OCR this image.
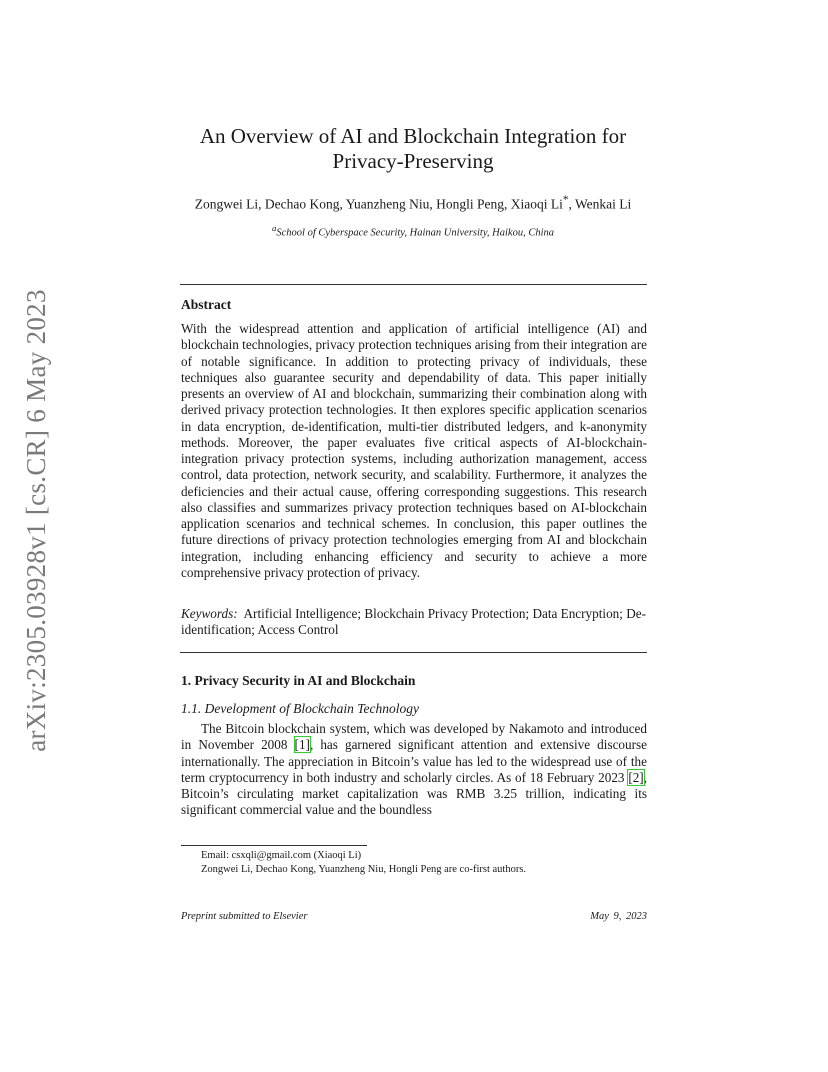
arXiv:2305.03928v1 [cs.CR] 6 May 2023
An Overview of AI and Blockchain Integration for
Privacy-Preserving
Zongwei Li, Dechao Kong, Yuanzheng Niu, Hongli Peng, Xiaoqi Li*, Wenkai Li
$^a$School of Cyberspace Security, Hainan University, Haikou, China
Abstract

With the widespread attention and application of artificial intelligence (AI) and blockchain technologies, privacy protection techniques arising from their integration are of notable significance. In addition to protecting privacy of individuals, these techniques also guarantee security and dependability of data. This paper initially presents an overview of AI and blockchain, summarizing their combination along with derived privacy protection technologies. It then explores specific application scenarios in data encryption, de-identification, multi-tier distributed ledgers, and k-anonymity methods. Moreover, the paper evaluates five critical aspects of AI-blockchain-integration privacy protection systems, including authorization management, access control, data protection, network security, and scalability. Furthermore, it analyzes the deficiencies and their actual cause, offering corresponding suggestions. This research also classifies and summarizes privacy protection techniques based on AI-blockchain application scenarios and technical schemes. In conclusion, this paper outlines the future directions of privacy protection technologies emerging from AI and blockchain integration, including enhancing efficiency and security to achieve a more comprehensive privacy protection of privacy.

Keywords: Artificial Intelligence; Blockchain Privacy Protection; Data Encryption; De-identification; Access Control

1. Privacy Security in AI and Blockchain
1.1. Development of Blockchain Technology

The Bitcoin blockchain system, which was developed by Nakamoto and introduced in November 2008 [1], has garnered significant attention and extensive discourse internationally. The appreciation in Bitcoin’s value has led to the widespread use of the term cryptocurrency in both industry and scholarly circles. As of 18 February 2023 [2], Bitcoin’s circulating market capitalization was RMB 3.25 trillion, indicating its significant commercial value and the boundless

Email: csxqli@gmail.com (Xiaoqi Li)
Zongwei Li, Dechao Kong, Yuanzheng Niu, Hongli Peng are co-first authors.
Preprint submitted to Elsevier	May 9, 2023
